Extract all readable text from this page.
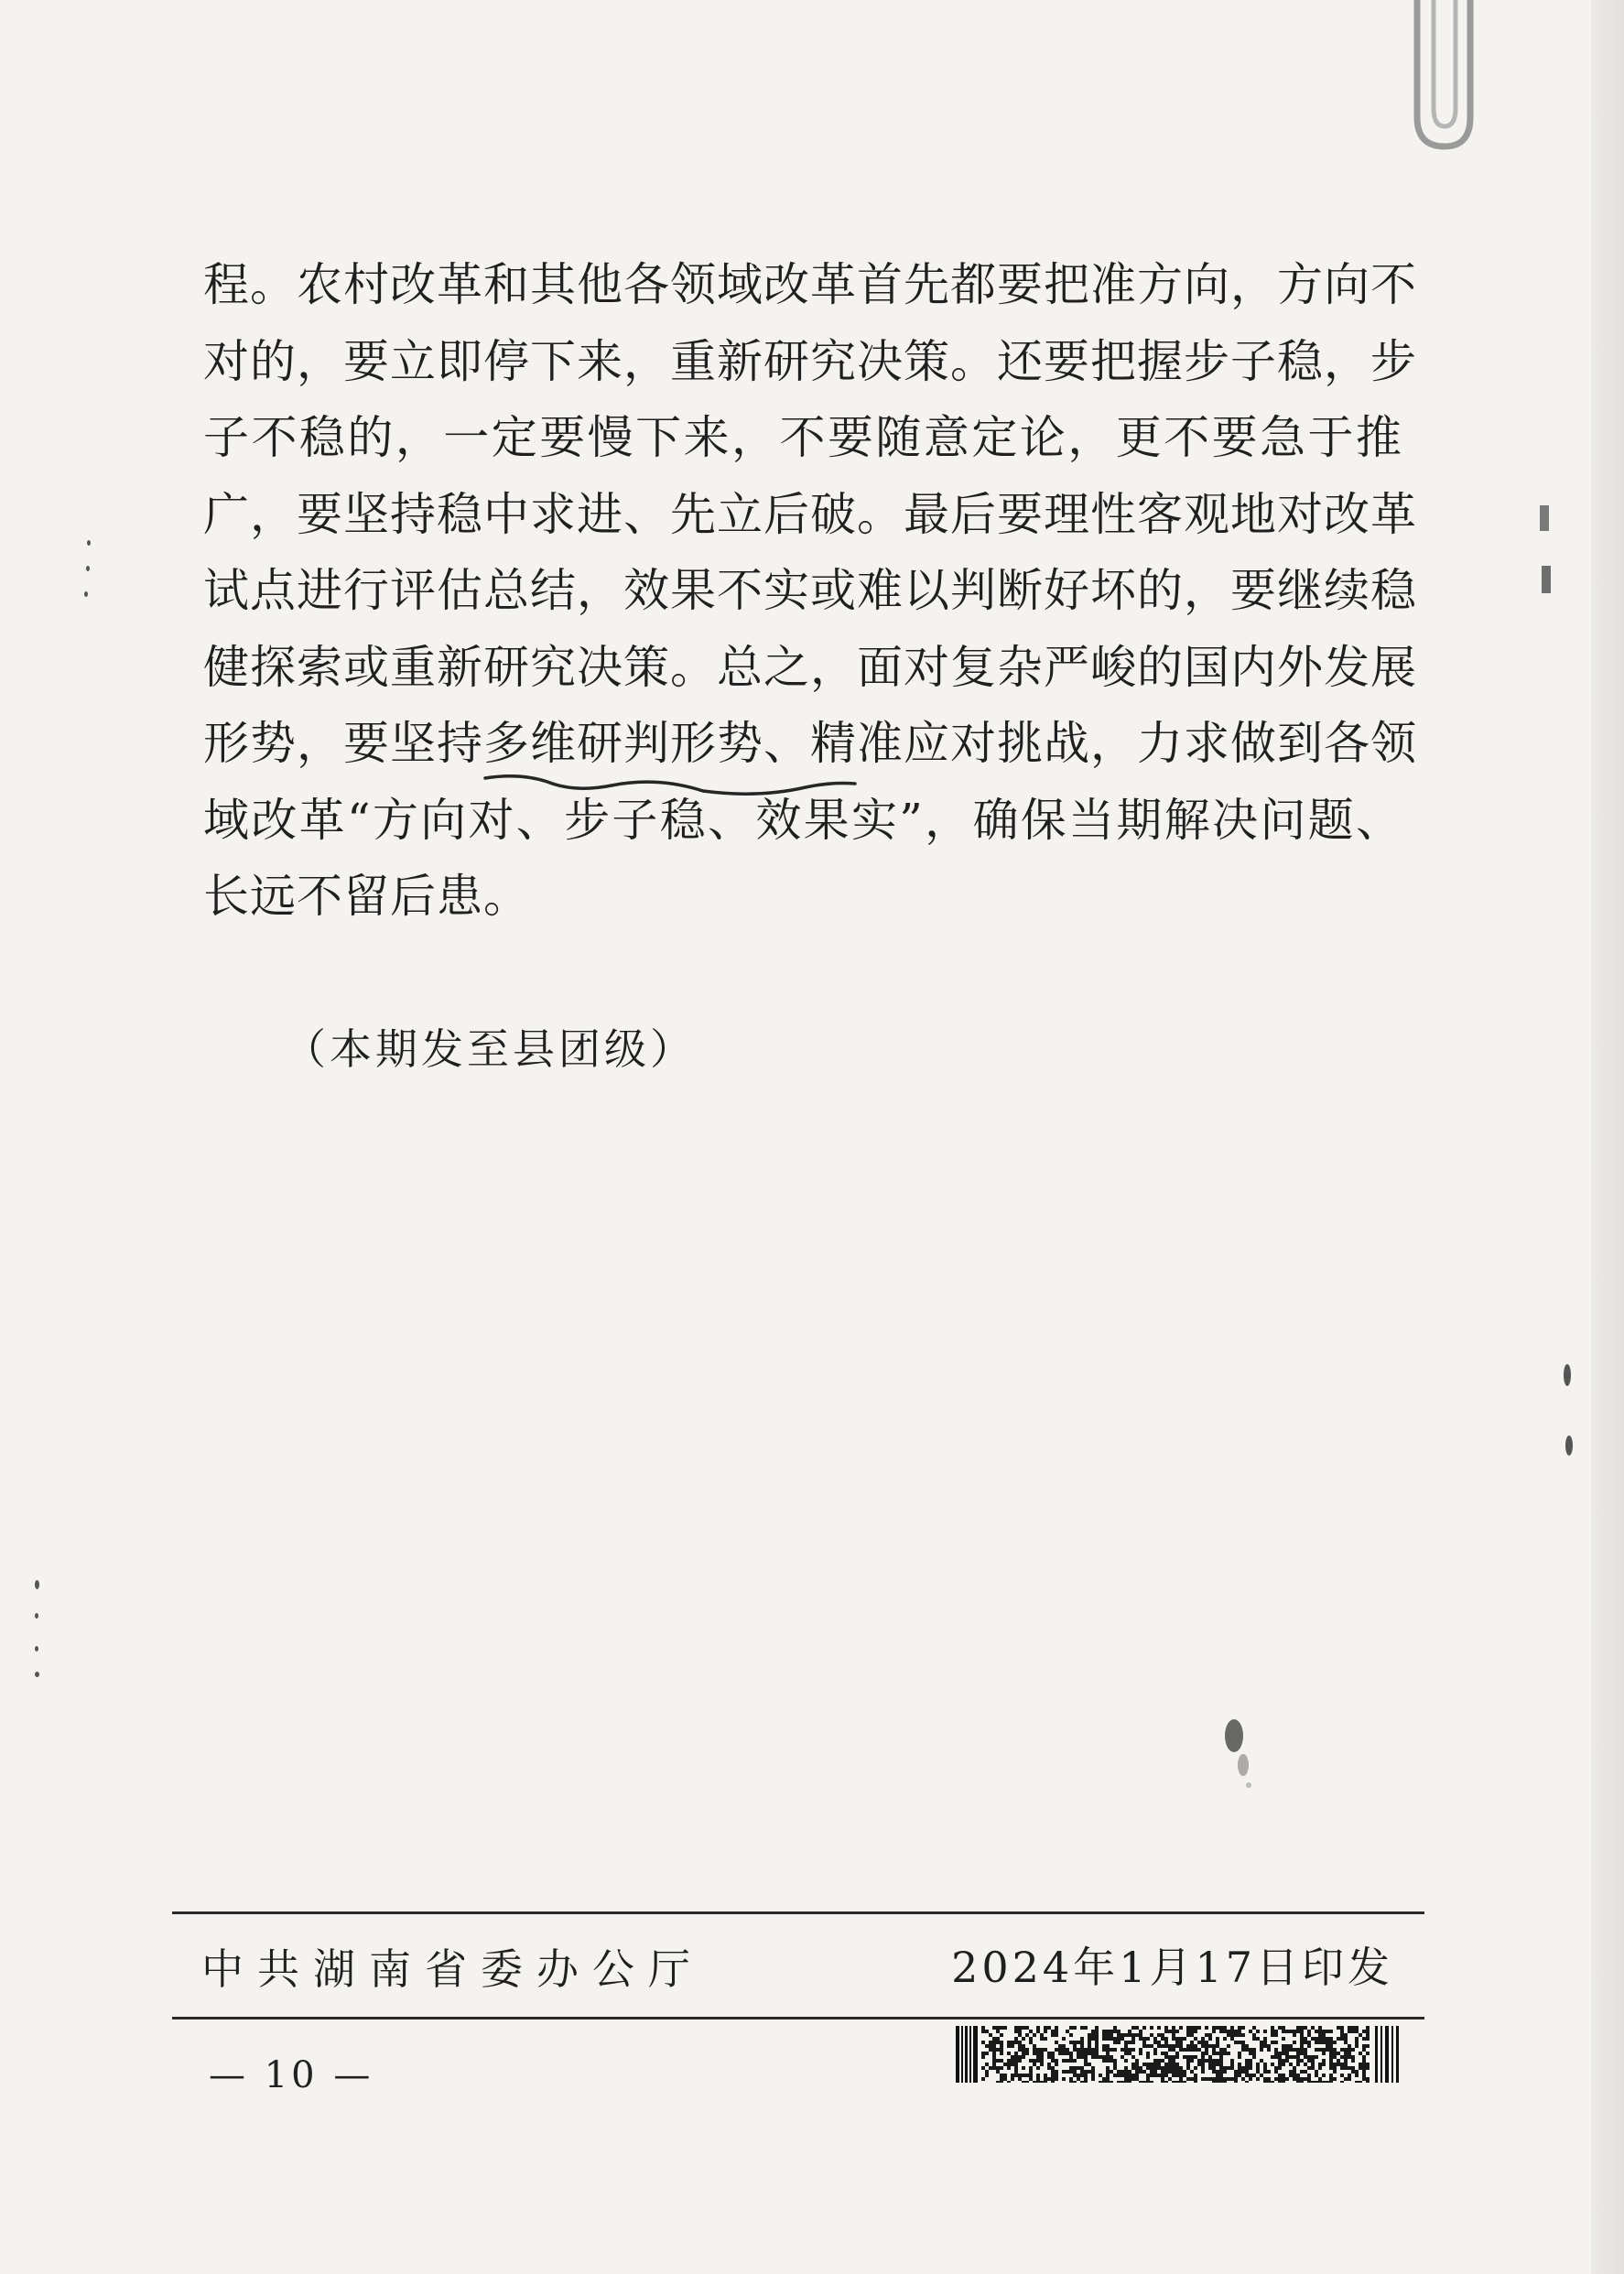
程。农村改革和其他各领域改革首先都要把准方向，方向不
对的，要立即停下来，重新研究决策。还要把握步子稳，步
子不稳的，一定要慢下来，不要随意定论，更不要急于推
广，要坚持稳中求进、先立后破。最后要理性客观地对改革
试点进行评估总结，效果不实或难以判断好坏的，要继续稳
健探索或重新研究决策。总之，面对复杂严峻的国内外发展
形势，要坚持多维研判形势、精准应对挑战，力求做到各领
域改革“方向对、步子稳、效果实”，确保当期解决问题、
长远不留后患。
（本期发至县团级）
中共湖南省委办公厅	2024年1月17日印发
— 10 —
